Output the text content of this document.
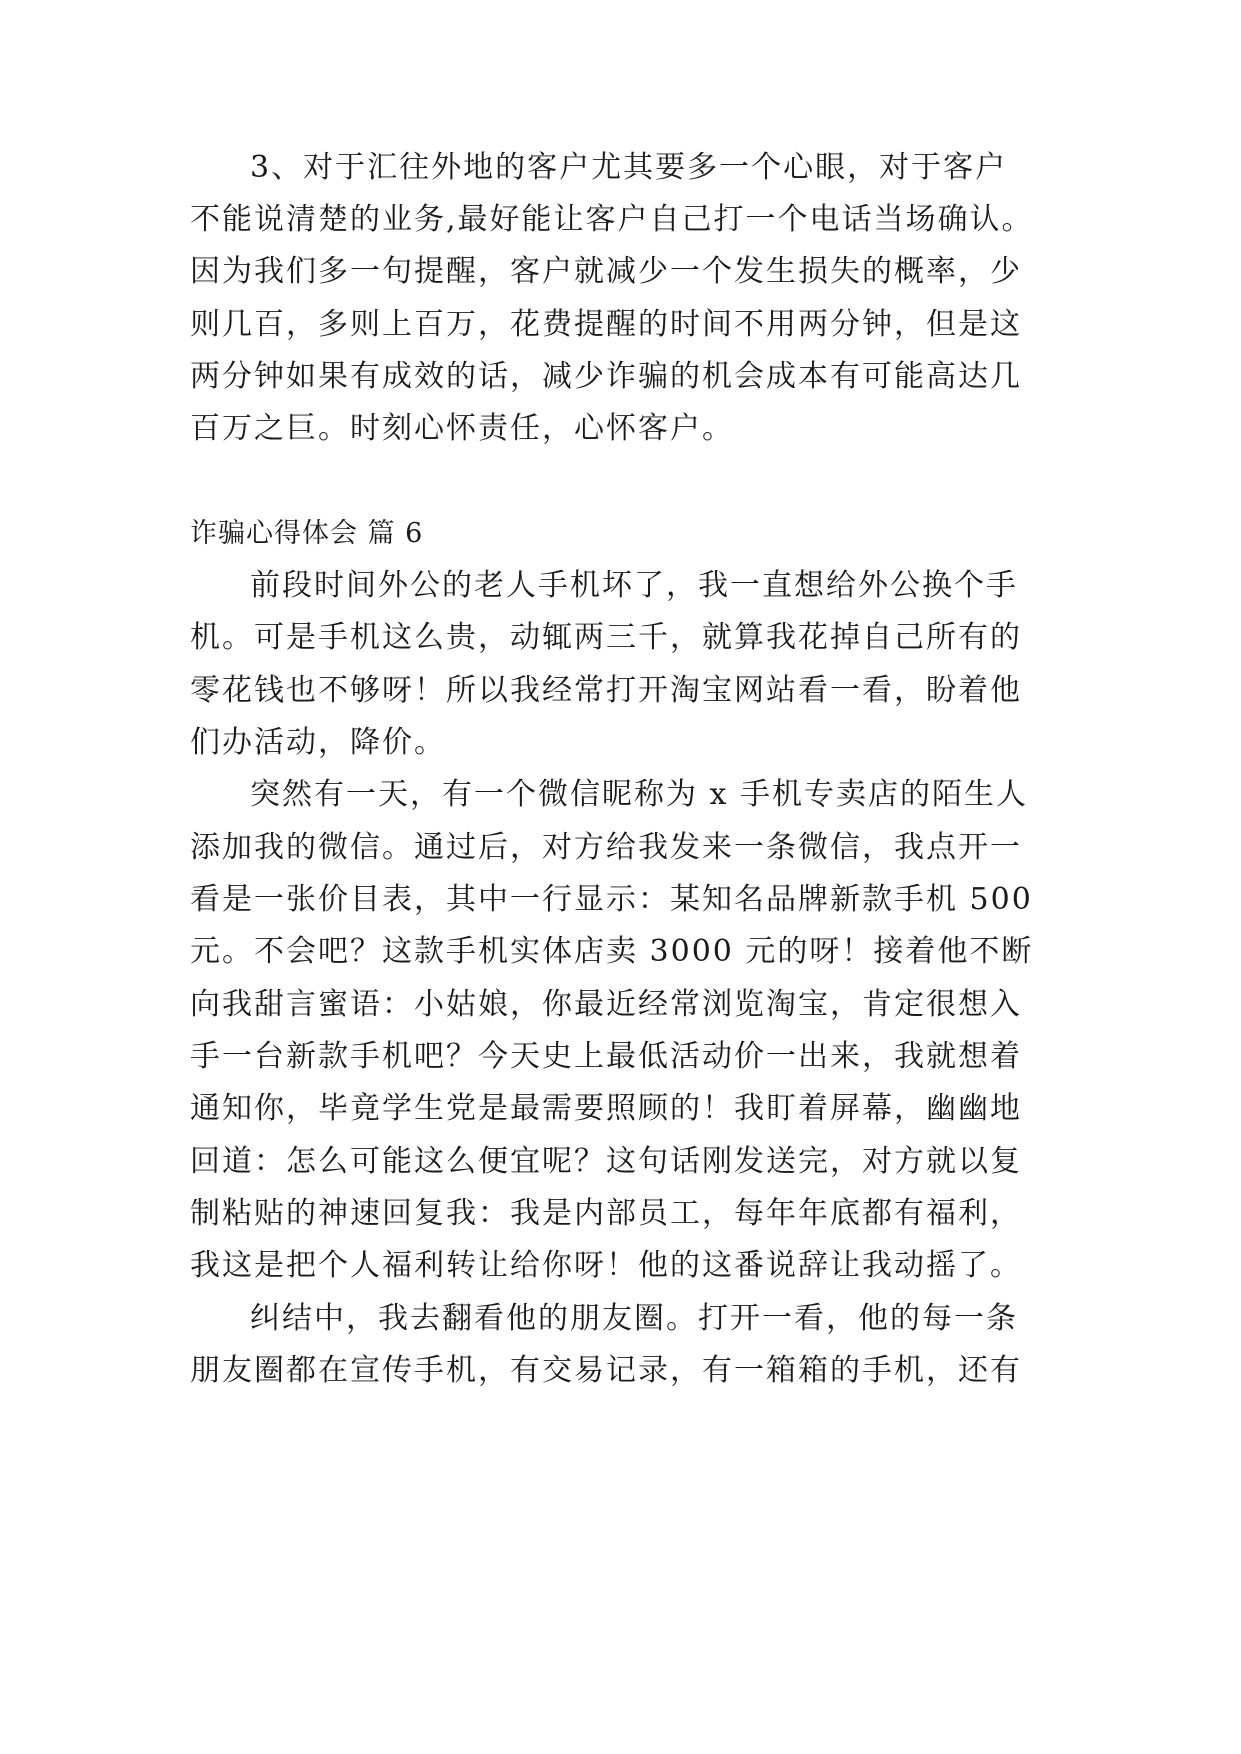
3、对于汇往外地的客户尤其要多一个心眼，对于客户
不能说清楚的业务,最好能让客户自己打一个电话当场确认。
因为我们多一句提醒，客户就减少一个发生损失的概率，少
则几百，多则上百万，花费提醒的时间不用两分钟，但是这
两分钟如果有成效的话，减少诈骗的机会成本有可能高达几
百万之巨。时刻心怀责任，心怀客户。
诈骗心得体会 篇 6
前段时间外公的老人手机坏了，我一直想给外公换个手
机。可是手机这么贵，动辄两三千，就算我花掉自己所有的
零花钱也不够呀！所以我经常打开淘宝网站看一看，盼着他
们办活动，降价。
突然有一天，有一个微信昵称为 x 手机专卖店的陌生人
添加我的微信。通过后，对方给我发来一条微信，我点开一
看是一张价目表，其中一行显示：某知名品牌新款手机 500
元。不会吧？这款手机实体店卖 3000 元的呀！接着他不断
向我甜言蜜语：小姑娘，你最近经常浏览淘宝，肯定很想入
手一台新款手机吧？今天史上最低活动价一出来，我就想着
通知你，毕竟学生党是最需要照顾的！我盯着屏幕，幽幽地
回道：怎么可能这么便宜呢？这句话刚发送完，对方就以复
制粘贴的神速回复我：我是内部员工，每年年底都有福利，
我这是把个人福利转让给你呀！他的这番说辞让我动摇了。
纠结中，我去翻看他的朋友圈。打开一看，他的每一条
朋友圈都在宣传手机，有交易记录，有一箱箱的手机，还有
